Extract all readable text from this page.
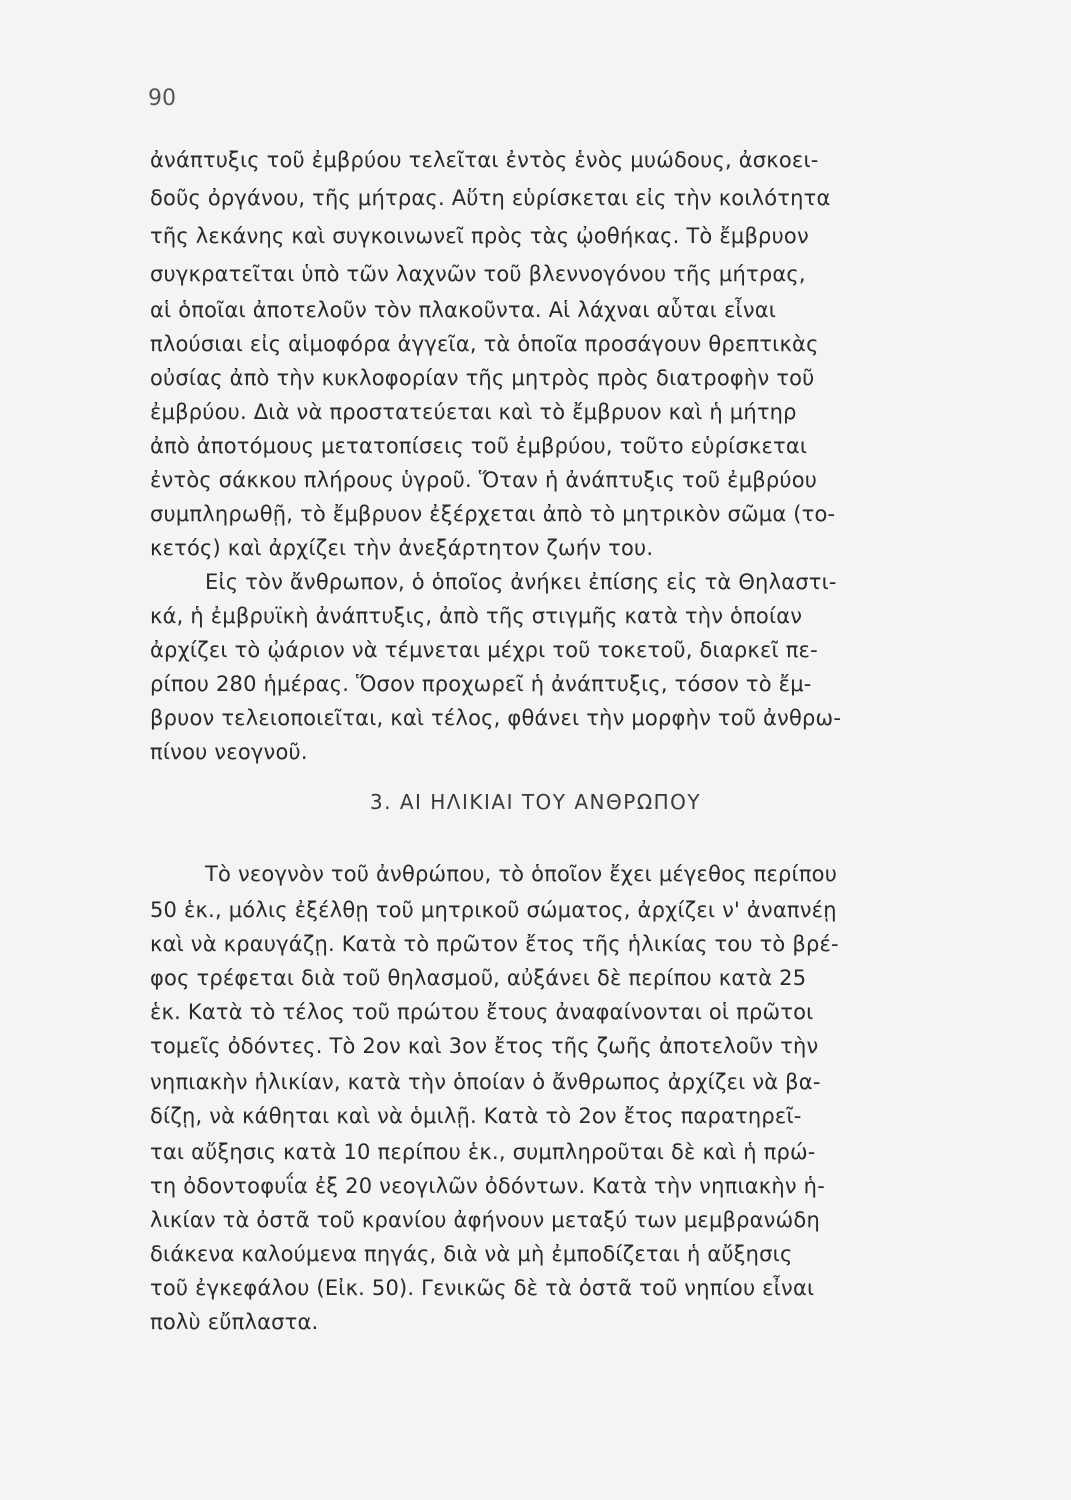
90
ἀνάπτυξις τοῦ ἐμβρύου τελεῖται ἐντὸς ἑνὸς μυώδους, ἀσκοει-
δοῦς ὀργάνου, τῆς μήτρας. Αὕτη εὑρίσκεται εἰς τὴν κοιλότητα
τῆς λεκάνης καὶ συγκοινωνεῖ πρὸς τὰς ᾠοθήκας. Τὸ ἔμβρυον
συγκρατεῖται ὑπὸ τῶν λαχνῶν τοῦ βλεννογόνου τῆς μήτρας,
αἱ ὁποῖαι ἀποτελοῦν τὸν πλακοῦντα. Αἱ λάχναι αὗται εἶναι
πλούσιαι εἰς αἱμοφόρα ἀγγεῖα, τὰ ὁποῖα προσάγουν θρεπτικὰς
οὐσίας ἀπὸ τὴν κυκλοφορίαν τῆς μητρὸς πρὸς διατροφὴν τοῦ
ἐμβρύου. Διὰ νὰ προστατεύεται καὶ τὸ ἔμβρυον καὶ ἡ μήτηρ
ἀπὸ ἀποτόμους μετατοπίσεις τοῦ ἐμβρύου, τοῦτο εὑρίσκεται
ἐντὸς σάκκου πλήρους ὑγροῦ. Ὅταν ἡ ἀνάπτυξις τοῦ ἐμβρύου
συμπληρωθῇ, τὸ ἔμβρυον ἐξέρχεται ἀπὸ τὸ μητρικὸν σῶμα (το-
κετός) καὶ ἀρχίζει τὴν ἀνεξάρτητον ζωήν του.
Εἰς τὸν ἄνθρωπον, ὁ ὁποῖος ἀνήκει ἐπίσης εἰς τὰ Θηλαστι-
κά, ἡ ἐμβρυϊκὴ ἀνάπτυξις, ἀπὸ τῆς στιγμῆς κατὰ τὴν ὁποίαν
ἀρχίζει τὸ ᾠάριον νὰ τέμνεται μέχρι τοῦ τοκετοῦ, διαρκεῖ πε-
ρίπου 280 ἡμέρας. Ὅσον προχωρεῖ ἡ ἀνάπτυξις, τόσον τὸ ἔμ-
βρυον τελειοποιεῖται, καὶ τέλος, φθάνει τὴν μορφὴν τοῦ ἀνθρω-
πίνου νεογνοῦ.
3. ΑΙ ΗΛΙΚΙΑΙ ΤΟΥ ΑΝΘΡΩΠΟΥ
Τὸ νεογνὸν τοῦ ἀνθρώπου, τὸ ὁποῖον ἔχει μέγεθος περίπου
50 ἑκ., μόλις ἐξέλθῃ τοῦ μητρικοῦ σώματος, ἀρχίζει ν' ἀναπνέῃ
καὶ νὰ κραυγάζῃ. Κατὰ τὸ πρῶτον ἔτος τῆς ἡλικίας του τὸ βρέ-
φος τρέφεται διὰ τοῦ θηλασμοῦ, αὐξάνει δὲ περίπου κατὰ 25
ἑκ. Κατὰ τὸ τέλος τοῦ πρώτου ἔτους ἀναφαίνονται οἱ πρῶτοι
τομεῖς ὀδόντες. Τὸ 2ον καὶ 3ον ἔτος τῆς ζωῆς ἀποτελοῦν τὴν
νηπιακὴν ἡλικίαν, κατὰ τὴν ὁποίαν ὁ ἄνθρωπος ἀρχίζει νὰ βα-
δίζῃ, νὰ κάθηται καὶ νὰ ὁμιλῇ. Κατὰ τὸ 2ον ἔτος παρατηρεῖ-
ται αὔξησις κατὰ 10 περίπου ἑκ., συμπληροῦται δὲ καὶ ἡ πρώ-
τη ὀδοντοφυΐα ἐξ 20 νεογιλῶν ὀδόντων. Κατὰ τὴν νηπιακὴν ἡ-
λικίαν τὰ ὀστᾶ τοῦ κρανίου ἀφήνουν μεταξύ των μεμβρανώδη
διάκενα καλούμενα πηγάς, διὰ νὰ μὴ ἐμποδίζεται ἡ αὔξησις
τοῦ ἐγκεφάλου (Εἰκ. 50). Γενικῶς δὲ τὰ ὀστᾶ τοῦ νηπίου εἶναι
πολὺ εὔπλαστα.
